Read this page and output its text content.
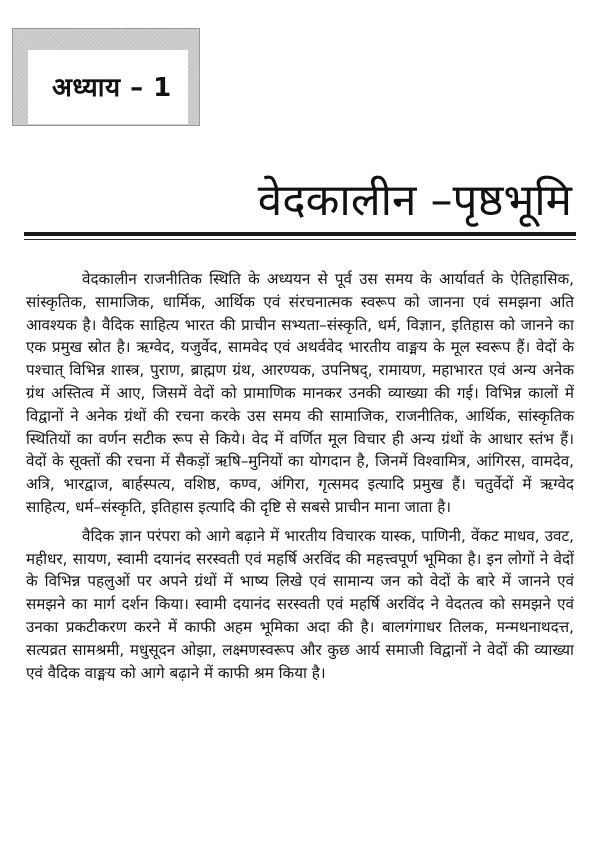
अध्याय – 1
वेदकालीन –पृष्ठभूमि

वेदकालीन राजनीतिक स्थिति के अध्ययन से पूर्व उस समय के आर्यावर्त के ऐतिहासिक, सांस्कृतिक, सामाजिक, धार्मिक, आर्थिक एवं संरचनात्मक स्वरूप को जानना एवं समझना अति आवश्यक है। वैदिक साहित्य भारत की प्राचीन सभ्यता–संस्कृति, धर्म, विज्ञान, इतिहास को जानने का एक प्रमुख स्रोत है। ऋग्वेद, यजुर्वेद, सामवेद एवं अथर्ववेद भारतीय वाङ्मय के मूल स्वरूप हैं। वेदों के पश्चात् विभिन्न शास्त्र, पुराण, ब्राह्मण ग्रंथ, आरण्यक, उपनिषद्, रामायण, महाभारत एवं अन्य अनेक ग्रंथ अस्तित्व में आए, जिसमें वेदों को प्रामाणिक मानकर उनकी व्याख्या की गई। विभिन्न कालों में विद्वानों ने अनेक ग्रंथों की रचना करके उस समय की सामाजिक, राजनीतिक, आर्थिक, सांस्कृतिक स्थितियों का वर्णन सटीक रूप से किये। वेद में वर्णित मूल विचार ही अन्य ग्रंथों के आधार स्तंभ हैं। वेदों के सूक्तों की रचना में सैकड़ों ऋषि–मुनियों का योगदान है, जिनमें विश्वामित्र, आंगिरस, वामदेव, अत्रि, भारद्वाज, बार्हस्पत्य, वशिष्ठ, कण्व, अंगिरा, गृत्समद इत्यादि प्रमुख हैं। चतुर्वेदों में ऋग्वेद साहित्य, धर्म–संस्कृति, इतिहास इत्यादि की दृष्टि से सबसे प्राचीन माना जाता है।

वैदिक ज्ञान परंपरा को आगे बढ़ाने में भारतीय विचारक यास्क, पाणिनी, वेंकट माधव, उवट, महीधर, सायण, स्वामी दयानंद सरस्वती एवं महर्षि अरविंद की महत्त्वपूर्ण भूमिका है। इन लोगों ने वेदों के विभिन्न पहलुओं पर अपने ग्रंथों में भाष्य लिखे एवं सामान्य जन को वेदों के बारे में जानने एवं समझने का मार्ग दर्शन किया। स्वामी दयानंद सरस्वती एवं महर्षि अरविंद ने वेदतत्व को समझने एवं उनका प्रकटीकरण करने में काफी अहम भूमिका अदा की है। बालगंगाधर तिलक, मन्मथनाथदत्त, सत्यव्रत सामश्रमी, मधुसूदन ओझा, लक्ष्मणस्वरूप और कुछ आर्य समाजी विद्वानों ने वेदों की व्याख्या एवं वैदिक वाङ्मय को आगे बढ़ाने में काफी श्रम किया है।
